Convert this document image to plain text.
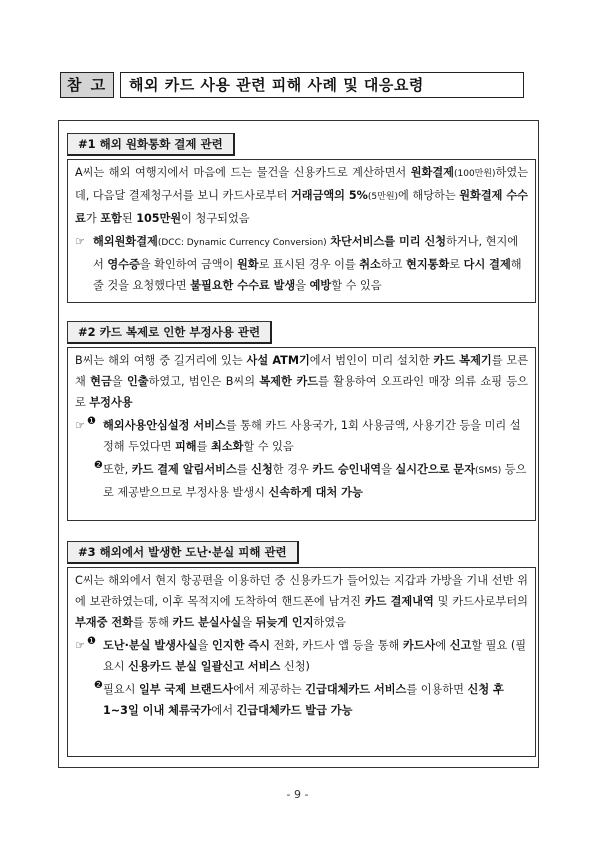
참 고	해외 카드 사용 관련 피해 사례 및 대응요령
#1 해외 원화통화 결제 관련
A씨는 해외 여행지에서 마음에 드는 물건을 신용카드로 계산하면서 원화결제(100만원)하였는데, 다음달 결제청구서를 보니 카드사로부터 거래금액의 5%(5만원)에 해당하는 원화결제 수수료가 포함된 105만원이 청구되었음
☞ 해외원화결제(DCC: Dynamic Currency Conversion) 차단서비스를 미리 신청하거나, 현지에서 영수증을 확인하여 금액이 원화로 표시된 경우 이를 취소하고 현지통화로 다시 결제해줄 것을 요청했다면 불필요한 수수료 발생을 예방할 수 있음
#2 카드 복제로 인한 부정사용 관련
B씨는 해외 여행 중 길거리에 있는 사설 ATM기에서 범인이 미리 설치한 카드 복제기를 모른 채 현금을 인출하였고, 범인은 B씨의 복제한 카드를 활용하여 오프라인 매장 의류 쇼핑 등으로 부정사용
☞ ❶ 해외사용안심설정 서비스를 통해 카드 사용국가, 1회 사용금액, 사용기간 등을 미리 설정해 두었다면 피해를 최소화할 수 있음
❷ 또한, 카드 결제 알림서비스를 신청한 경우 카드 승인내역을 실시간으로 문자(SMS) 등으로 제공받으므로 부정사용 발생시 신속하게 대처 가능
#3 해외에서 발생한 도난·분실 피해 관련
C씨는 해외에서 현지 항공편을 이용하던 중 신용카드가 들어있는 지갑과 가방을 기내 선반 위에 보관하였는데, 이후 목적지에 도착하여 핸드폰에 남겨진 카드 결제내역 및 카드사로부터의 부재중 전화를 통해 카드 분실사실을 뒤늦게 인지하였음
☞ ❶ 도난·분실 발생사실을 인지한 즉시 전화, 카드사 앱 등을 통해 카드사에 신고할 필요 (필요시 신용카드 분실 일괄신고 서비스 신청)
❷ 필요시 일부 국제 브랜드사에서 제공하는 긴급대체카드 서비스를 이용하면 신청 후 1~3일 이내 체류국가에서 긴급대체카드 발급 가능
- 9 -
